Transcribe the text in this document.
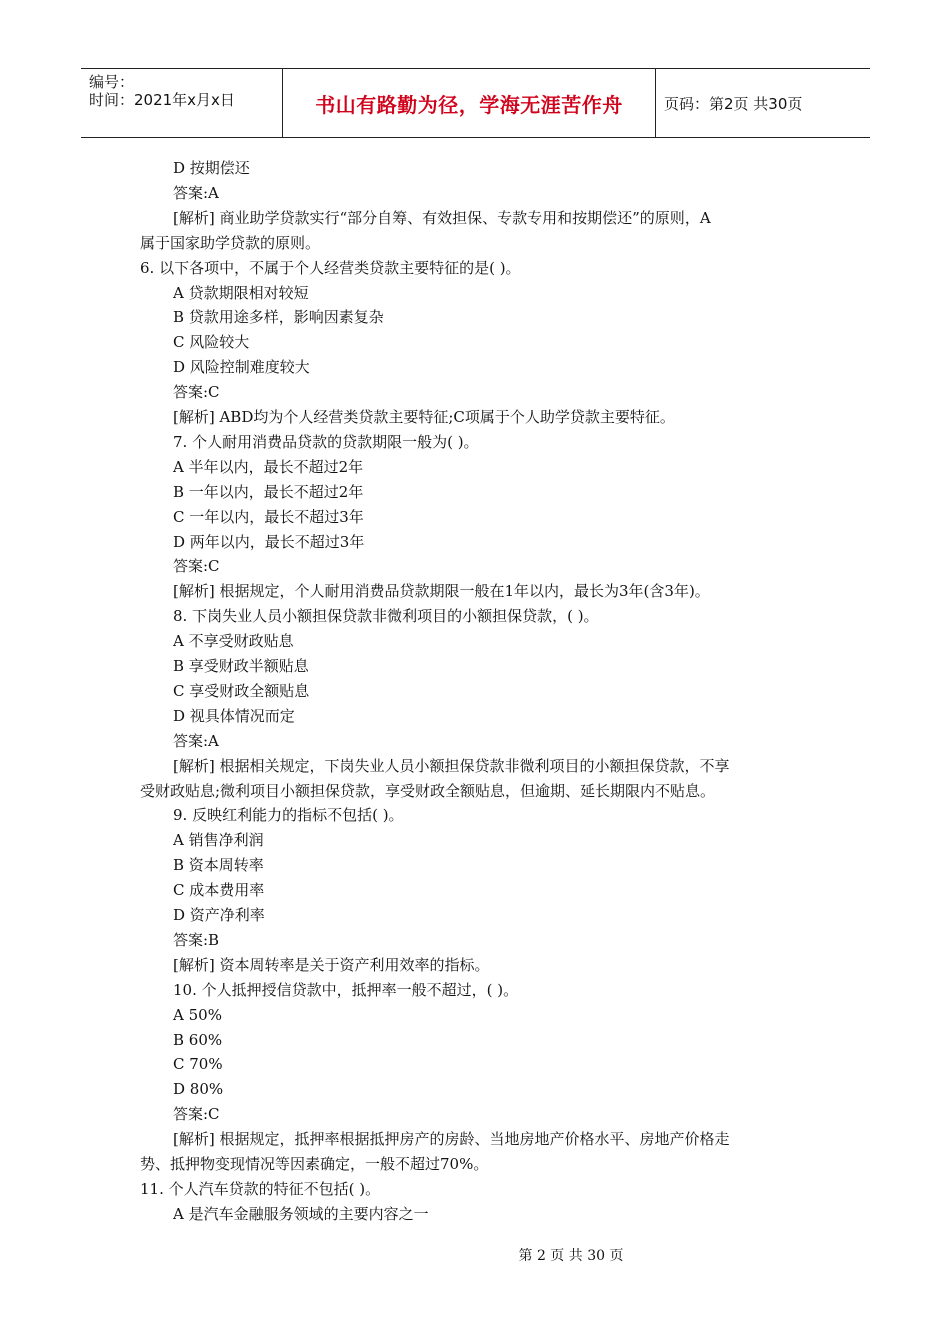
编号：
时间：2021年x月x日	书山有路勤为径，学海无涯苦作舟	页码：第2页 共30页
D 按期偿还
答案:A
[解析] 商业助学贷款实行“部分自筹、有效担保、专款专用和按期偿还”的原则，A
属于国家助学贷款的原则。
6. 以下各项中，不属于个人经营类贷款主要特征的是( )。
A 贷款期限相对较短
B 贷款用途多样，影响因素复杂
C 风险较大
D 风险控制难度较大
答案:C
[解析] ABD均为个人经营类贷款主要特征;C项属于个人助学贷款主要特征。
7. 个人耐用消费品贷款的贷款期限一般为( )。
A 半年以内，最长不超过2年
B 一年以内，最长不超过2年
C 一年以内，最长不超过3年
D 两年以内，最长不超过3年
答案:C
[解析] 根据规定，个人耐用消费品贷款期限一般在1年以内，最长为3年(含3年)。
8. 下岗失业人员小额担保贷款非微利项目的小额担保贷款，( )。
A 不享受财政贴息
B 享受财政半额贴息
C 享受财政全额贴息
D 视具体情况而定
答案:A
[解析] 根据相关规定，下岗失业人员小额担保贷款非微利项目的小额担保贷款，不享
受财政贴息;微利项目小额担保贷款，享受财政全额贴息，但逾期、延长期限内不贴息。
9. 反映红利能力的指标不包括( )。
A 销售净利润
B 资本周转率
C 成本费用率
D 资产净利率
答案:B
[解析] 资本周转率是关于资产利用效率的指标。
10. 个人抵押授信贷款中，抵押率一般不超过，( )。
A 50%
B 60%
C 70%
D 80%
答案:C
[解析] 根据规定，抵押率根据抵押房产的房龄、当地房地产价格水平、房地产价格走
势、抵押物变现情况等因素确定，一般不超过70%。
11. 个人汽车贷款的特征不包括( )。
A 是汽车金融服务领域的主要内容之一
第 2 页 共 30 页
